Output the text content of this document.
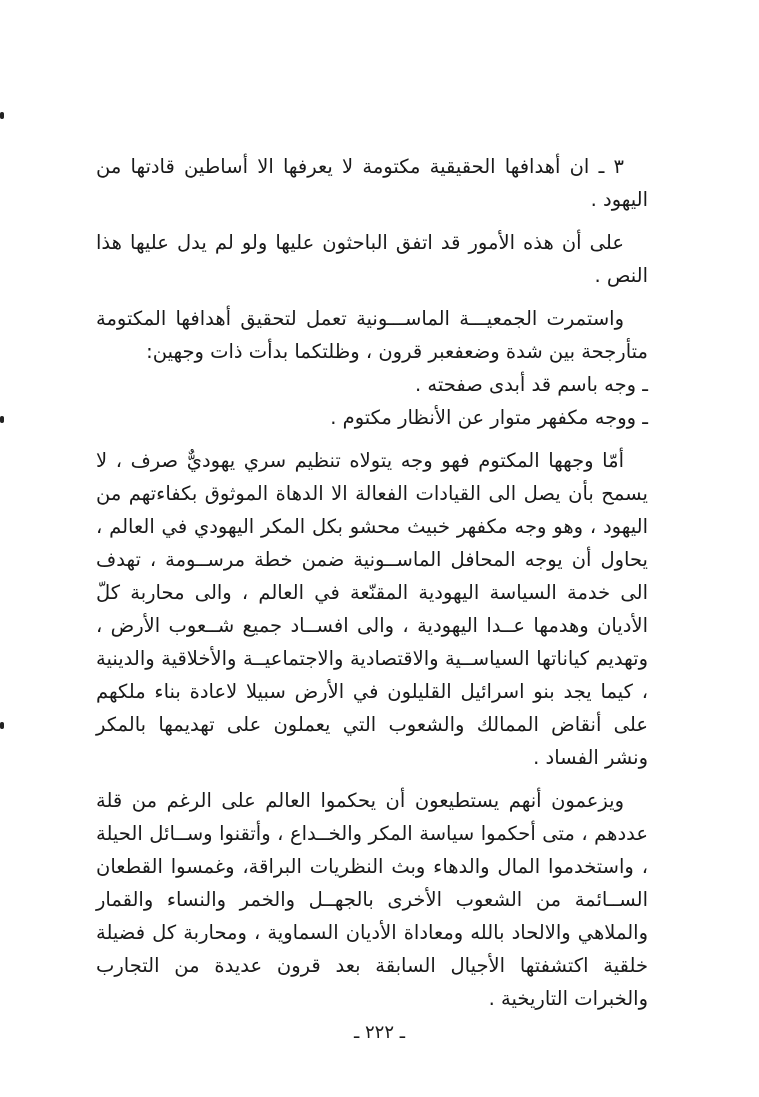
٣ ـ ان أهدافها الحقيقية مكتومة لا يعرفها الا أساطين قادتها من اليهود .

على أن هذه الأمور قد اتفق الباحثون عليها ولو لم يدل عليها هذا النص .

واستمرت الجمعيـــة الماســـونية تعمل لتحقيق أهدافها المكتومة متأرجحة بين شدة وضعفعبر قرون ، وظلتكما بدأت ذات وجهين:

ـ وجه باسم قد أبدى صفحته .

ـ ووجه مكفهر متوار عن الأنظار مكتوم .

أمّا وجهها المكتوم فهو وجه يتولاه تنظيم سري يهوديٌّ صرف ، لا يسمح بأن يصل الى القيادات الفعالة الا الدهاة الموثوق بكفاءتهم من اليهود ، وهو وجه مكفهر خبيث محشو بكل المكر اليهودي في العالم ، يحاول أن يوجه المحافل الماســونية ضمن خطة مرســومة ، تهدف الى خدمة السياسة اليهودية المقنّعة في العالم ، والى محاربة كلّ الأديان وهدمها عــدا اليهودية ، والى افســاد جميع شــعوب الأرض ، وتهديم كياناتها السياســية والاقتصادية والاجتماعيــة والأخلاقية والدينية ، كيما يجد بنو اسرائيل القليلون في الأرض سبيلا لاعادة بناء ملكهم على أنقاض الممالك والشعوب التي يعملون على تهديمها بالمكر ونشر الفساد .

ويزعمون أنهم يستطيعون أن يحكموا العالم على الرغم من قلة عددهم ، متى أحكموا سياسة المكر والخــداع ، وأتقنوا وســائل الحيلة ، واستخدموا المال والدهاء وبث النظريات البراقة، وغمسوا القطعان الســائمة من الشعوب الأخرى بالجهــل والخمر والنساء والقمار والملاهي والالحاد بالله ومعاداة الأديان السماوية ، ومحاربة كل فضيلة خلقية اكتشفتها الأجيال السابقة بعد قرون عديدة من التجارب والخبرات التاريخية .

ـ ٢٢٢ ـ
